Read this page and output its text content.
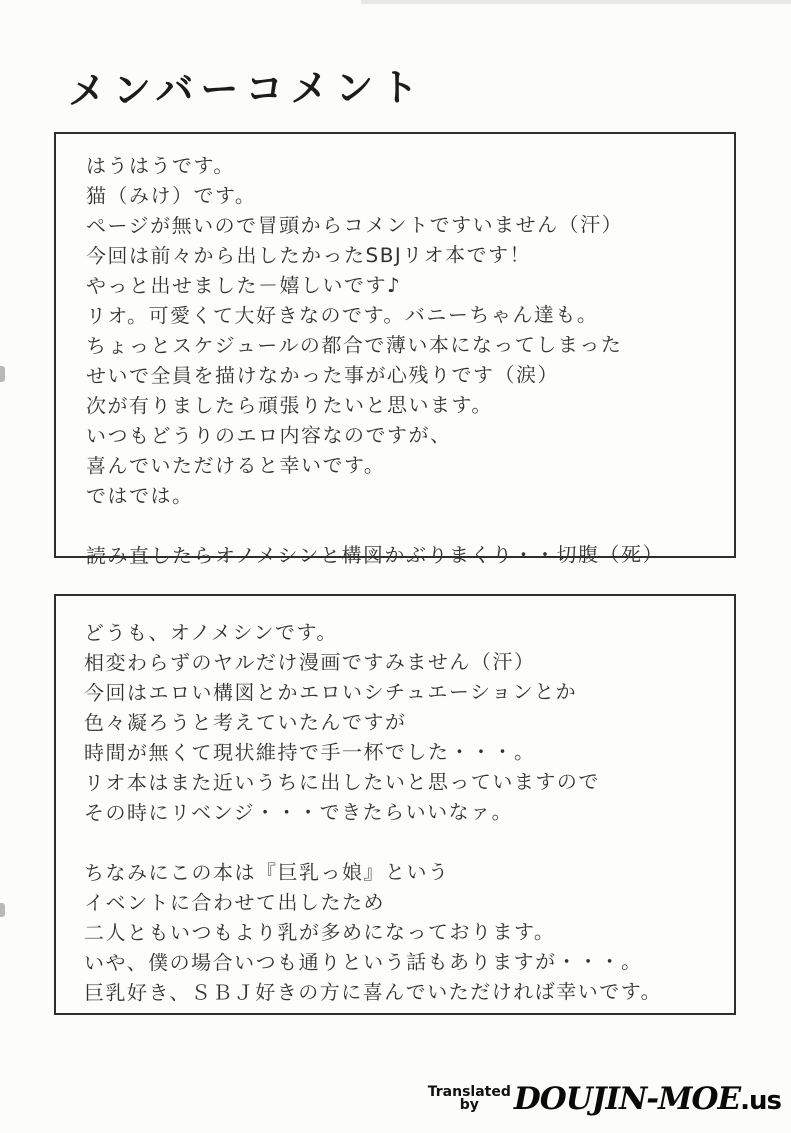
メンバーコメント
はうはうです。
猫（みけ）です。
ページが無いので冒頭からコメントですいません（汗）
今回は前々から出したかったSBJリオ本です！
やっと出せました－嬉しいです♪
リオ。可愛くて大好きなのです。バニーちゃん達も。
ちょっとスケジュールの都合で薄い本になってしまった
せいで全員を描けなかった事が心残りです（涙）
次が有りましたら頑張りたいと思います。
いつもどうりのエロ内容なのですが、
喜んでいただけると幸いです。
ではでは。
読み直したらオノメシンと構図かぶりまくり・・切腹（死）
どうも、オノメシンです。
相変わらずのヤルだけ漫画ですみません（汗）
今回はエロい構図とかエロいシチュエーションとか
色々凝ろうと考えていたんですが
時間が無くて現状維持で手一杯でした・・・。
リオ本はまた近いうちに出したいと思っていますので
その時にリベンジ・・・できたらいいなァ。
ちなみにこの本は『巨乳っ娘』という
イベントに合わせて出したため
二人ともいつもより乳が多めになっております。
いや、僕の場合いつも通りという話もありますが・・・。
巨乳好き、ＳＢＪ好きの方に喜んでいただければ幸いです。
Translated
by DOUJIN-MOE.us
